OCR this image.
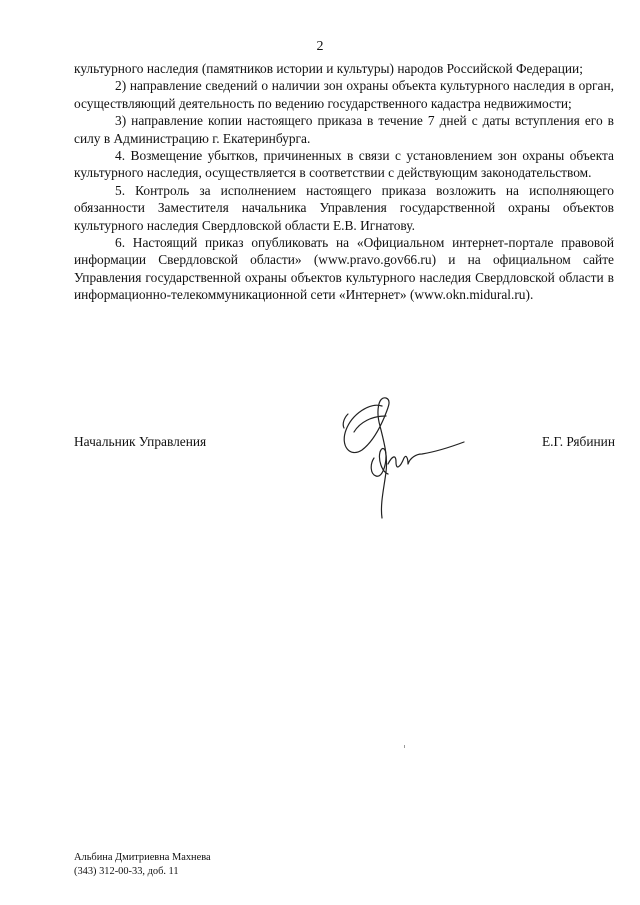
2

культурного наследия (памятников истории и культуры) народов Российской Федерации;

2) направление сведений о наличии зон охраны объекта культурного наследия в орган, осуществляющий деятельность по ведению государственного кадастра недвижимости;

3) направление копии настоящего приказа в течение 7 дней с даты вступления его в силу в Администрацию г. Екатеринбурга.

4. Возмещение убытков, причиненных в связи с установлением зон охраны объекта культурного наследия, осуществляется в соответствии с действующим законодательством.

5. Контроль за исполнением настоящего приказа возложить на исполняющего обязанности Заместителя начальника Управления государственной охраны объектов культурного наследия Свердловской области Е.В. Игнатову.

6. Настоящий приказ опубликовать на «Официальном интернет-портале правовой информации Свердловской области» (www.pravo.gov66.ru) и на официальном сайте Управления государственной охраны объектов культурного наследия Свердловской области в информационно-телекоммуникационной сети «Интернет» (www.okn.midural.ru).

Начальник Управления	Е.Г. Рябинин
Альбина Дмитриевна Махнева
(343) 312-00-33, доб. 11
